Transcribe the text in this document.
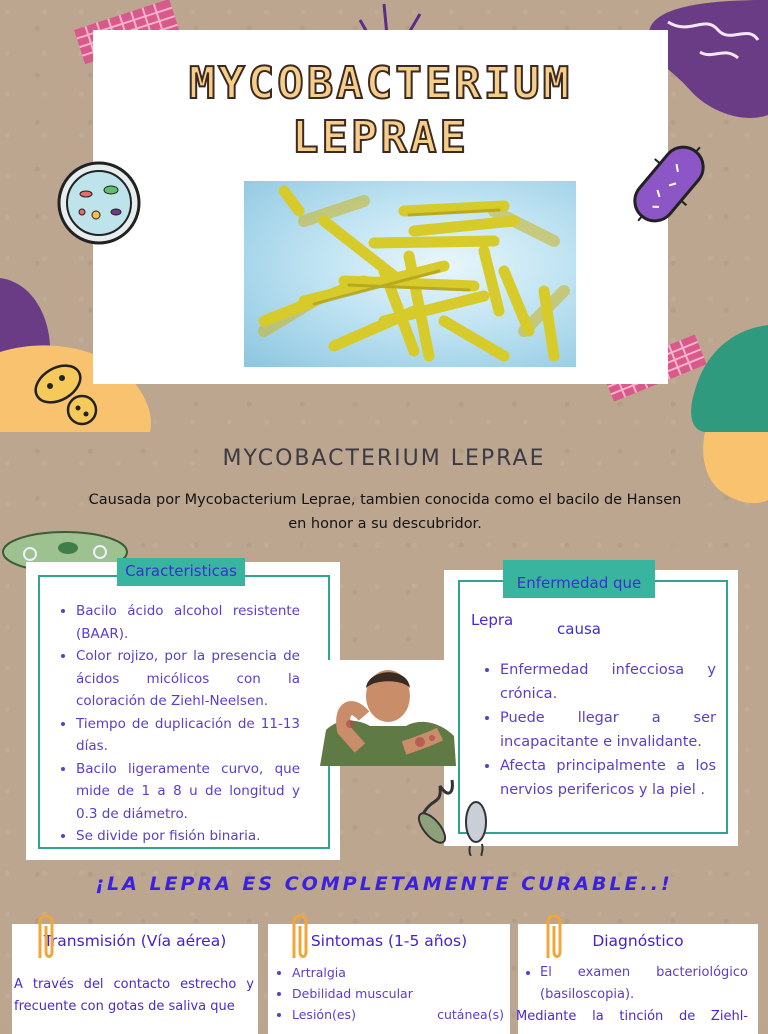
MYCOBACTERIUM
LEPRAE
MYCOBACTERIUM LEPRAE
Causada por Mycobacterium Leprae, tambien conocida como el bacilo de Hansen
en honor a su descubridor.
Caracteristicas
• Bacilo ácido alcohol resistente (BAAR).
• Color rojizo, por la presencia de ácidos micólicos con la coloración de Ziehl-Neelsen.
• Tiempo de duplicación de 11-13 días.
• Bacilo ligeramente curvo, que mide de 1 a 8 u de longitud y 0.3 de diámetro.
• Se divide por fisión binaria.
Enfermedad que causa
Lepra
• Enfermedad infecciosa y crónica.
• Puede llegar a ser incapacitante e invalidante.
• Afecta principalmente a los nervios perifericos y la piel .
¡LA LEPRA ES COMPLETAMENTE CURABLE..!
Transmisión (Vía aérea)
A través del contacto estrecho y frecuente con gotas de saliva que
Sintomas (1-5 años)
• Artralgia
• Debilidad muscular
• Lesión(es) cutánea(s)
Diagnóstico
• El examen bacteriológico (basiloscopia).
Mediante la tinción de Ziehl-
